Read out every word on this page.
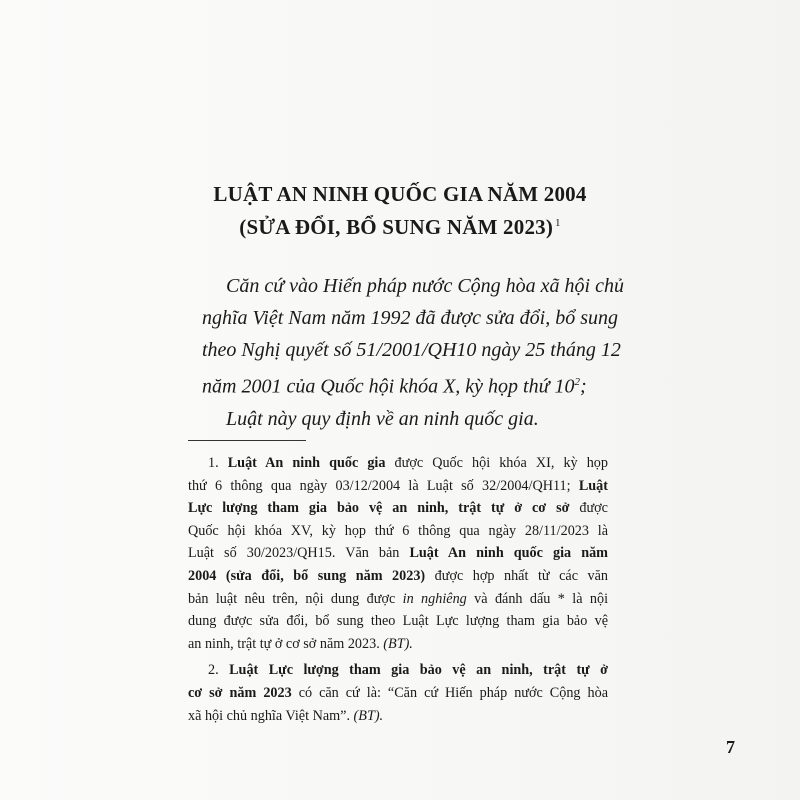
LUẬT AN NINH QUỐC GIA NĂM 2004
(SỬA ĐỔI, BỔ SUNG NĂM 2023) $^1$
Căn cứ vào Hiến pháp nước Cộng hòa xã hội chủ
nghĩa Việt Nam năm 1992 đã được sửa đổi, bổ sung
theo Nghị quyết số 51/2001/QH10 ngày 25 tháng 12
năm 2001 của Quốc hội khóa X, kỳ họp thứ $10^2$;
Luật này quy định về an ninh quốc gia.
1. Luật An ninh quốc gia được Quốc hội khóa XI, kỳ họp
thứ 6 thông qua ngày 03/12/2004 là Luật số 32/2004/QH11; Luật
Lực lượng tham gia bảo vệ an ninh, trật tự ở cơ sở được
Quốc hội khóa XV, kỳ họp thứ 6 thông qua ngày 28/11/2023 là
Luật số 30/2023/QH15. Văn bản Luật An ninh quốc gia năm
2004 (sửa đổi, bổ sung năm 2023) được hợp nhất từ các văn
bản luật nêu trên, nội dung được in nghiêng và đánh dấu * là nội
dung được sửa đổi, bổ sung theo Luật Lực lượng tham gia bảo vệ
an ninh, trật tự ở cơ sở năm 2023. (BT).
2. Luật Lực lượng tham gia bảo vệ an ninh, trật tự ở
cơ sở năm 2023 có căn cứ là: “Căn cứ Hiến pháp nước Cộng hòa
xã hội chủ nghĩa Việt Nam”. (BT).
7
